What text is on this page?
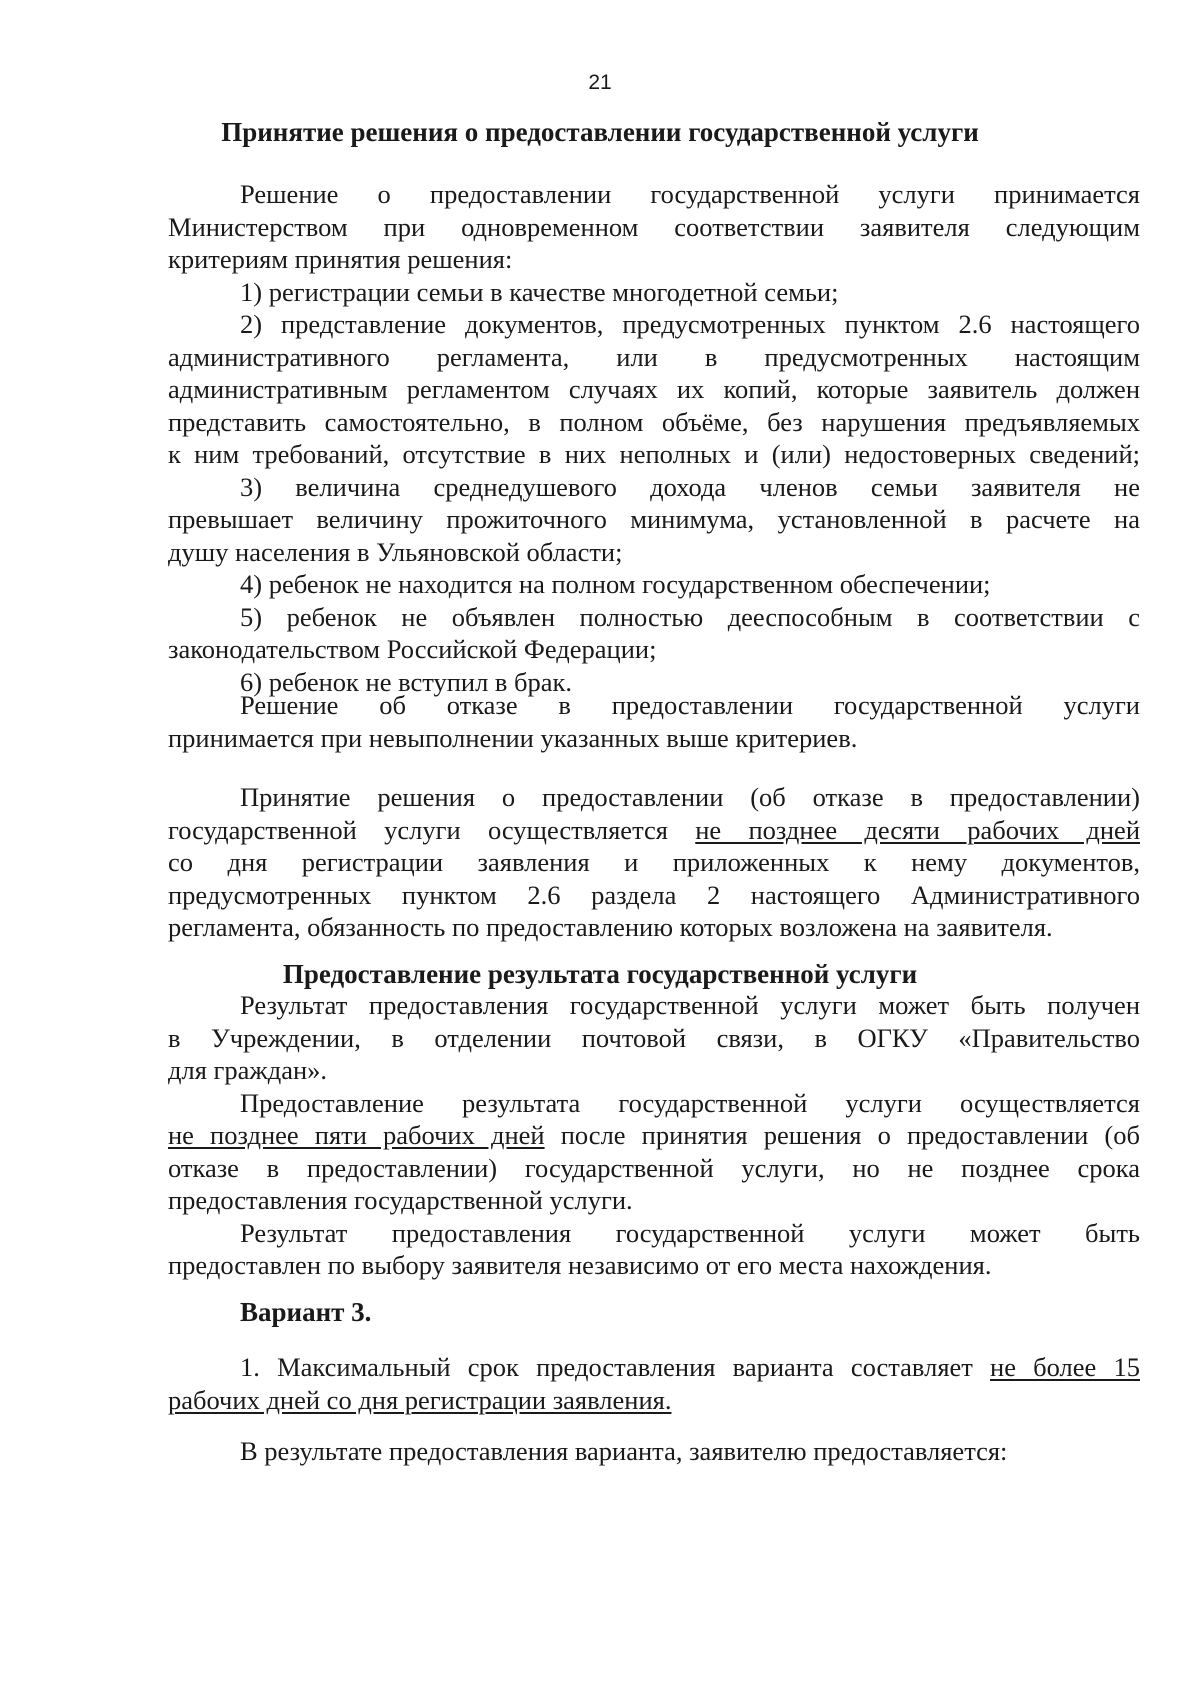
21
Принятие решения о предоставлении государственной услуги

Решение о предоставлении государственной услуги принимается

Министерством при одновременном соответствии заявителя следующим

критериям принятия решения:

1) регистрации семьи в качестве многодетной семьи;

2) представление документов, предусмотренных пунктом 2.6 настоящего

административного регламента, или в предусмотренных настоящим

административным регламентом случаях их копий, которые заявитель должен

представить самостоятельно, в полном объёме, без нарушения предъявляемых

к ним требований, отсутствие в них неполных и (или) недостоверных сведений;

3) величина среднедушевого дохода членов семьи заявителя не

превышает величину прожиточного минимума, установленной в расчете на

душу населения в Ульяновской области;

4) ребенок не находится на полном государственном обеспечении;

5) ребенок не объявлен полностью дееспособным в соответствии с

законодательством Российской Федерации;

6) ребенок не вступил в брак.

Решение об отказе в предоставлении государственной услуги

принимается при невыполнении указанных выше критериев.

Принятие решения о предоставлении (об отказе в предоставлении)

государственной услуги осуществляется не позднее десяти рабочих дней

со дня регистрации заявления и приложенных к нему документов,

предусмотренных пунктом 2.6 раздела 2 настоящего Административного

регламента, обязанность по предоставлению которых возложена на заявителя.

Предоставление результата государственной услуги

Результат предоставления государственной услуги может быть получен

в Учреждении, в отделении почтовой связи, в ОГКУ «Правительство

для граждан».

Предоставление результата государственной услуги осуществляется

не позднее пяти рабочих дней после принятия решения о предоставлении (об

отказе в предоставлении) государственной услуги, но не позднее срока

предоставления государственной услуги.

Результат предоставления государственной услуги может быть

предоставлен по выбору заявителя независимо от его места нахождения.

Вариант 3.

1. Максимальный срок предоставления варианта составляет не более 15

рабочих дней со дня регистрации заявления.

В результате предоставления варианта, заявителю предоставляется:
